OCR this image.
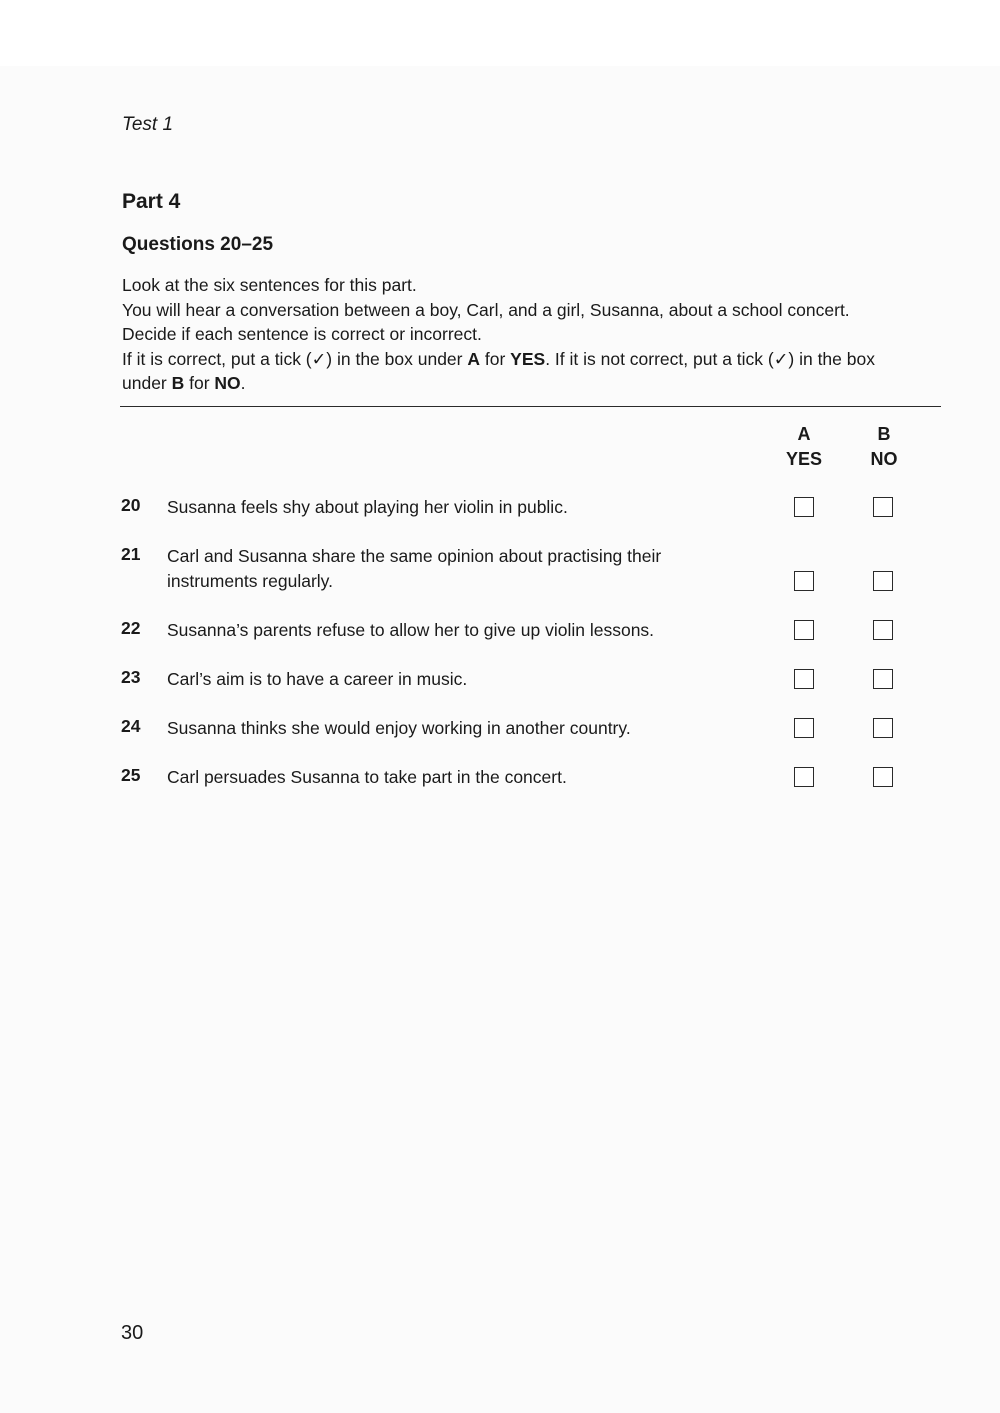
Test 1
Part 4
Questions 20–25
Look at the six sentences for this part.
You will hear a conversation between a boy, Carl, and a girl, Susanna, about a school concert.
Decide if each sentence is correct or incorrect.
If it is correct, put a tick (✓) in the box under A for YES. If it is not correct, put a tick (✓) in the box
under B for NO.
A
YES
B
NO
20 Susanna feels shy about playing her violin in public.
21 Carl and Susanna share the same opinion about practising their instruments regularly.
22 Susanna’s parents refuse to allow her to give up violin lessons.
23 Carl’s aim is to have a career in music.
24 Susanna thinks she would enjoy working in another country.
25 Carl persuades Susanna to take part in the concert.
30
